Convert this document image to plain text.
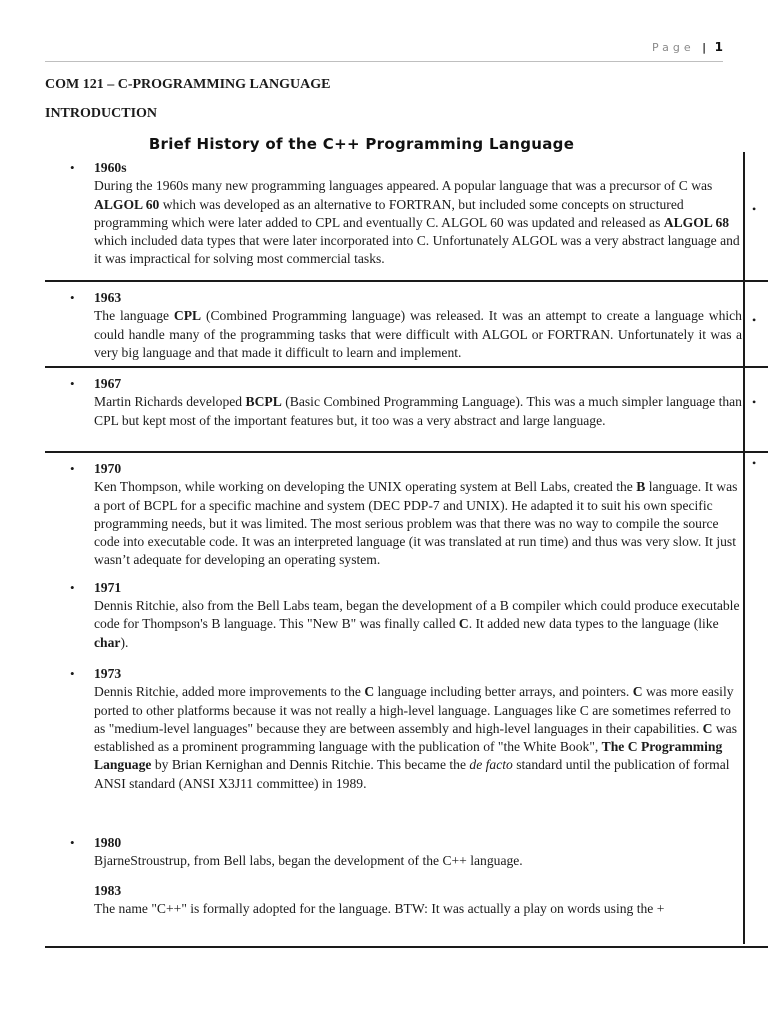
Page | 1
COM 121 – C-PROGRAMMING LANGUAGE
INTRODUCTION
Brief History of the C++ Programming Language
•	1960s

During the 1960s many new programming languages appeared. A popular language that was a precursor of C was ALGOL 60 which was developed as an alternative to FORTRAN, but included some concepts on structured programming which were later added to CPL and eventually C. ALGOL 60 was updated and released as ALGOL 68 which included data types that were later incorporated into C. Unfortunately ALGOL was a very abstract language and it was impractical for solving most commercial tasks.

•
•	1963

The language CPL (Combined Programming language) was released. It was an attempt to create a language which could handle many of the programming tasks that were difficult with ALGOL or FORTRAN. Unfortunately it was a very big language and that made it difficult to learn and implement.

•
•	1967

Martin Richards developed BCPL (Basic Combined Programming Language). This was a much simpler language than CPL but kept most of the important features but, it too was a very abstract and large language.

•
•	1970

Ken Thompson, while working on developing the UNIX operating system at Bell Labs, created the B language. It was a port of BCPL for a specific machine and system (DEC PDP-7 and UNIX). He adapted it to suit his own specific programming needs, but it was limited. The most serious problem was that there was no way to compile the source code into executable code. It was an interpreted language (it was translated at run time) and thus was very slow. It just wasn’t adequate for developing an operating system.

•	1971

Dennis Ritchie, also from the Bell Labs team, began the development of a B compiler which could produce executable code for Thompson's B language. This "New B" was finally called C. It added new data types to the language (like char).

•	1973

Dennis Ritchie, added more improvements to the C language including better arrays, and pointers. C was more easily ported to other platforms because it was not really a high-level language. Languages like C are sometimes referred to as "medium-level languages" because they are between assembly and high-level languages in their capabilities. C was established as a prominent programming language with the publication of "the White Book", The C Programming Language by Brian Kernighan and Dennis Ritchie. This became the de facto standard until the publication of formal ANSI standard (ANSI X3J11 committee) in 1989.

•	1980

BjarneStroustrup, from Bell labs, began the development of the C++ language.

1983

The name "C++" is formally adopted for the language. BTW: It was actually a play on words using the +

•
